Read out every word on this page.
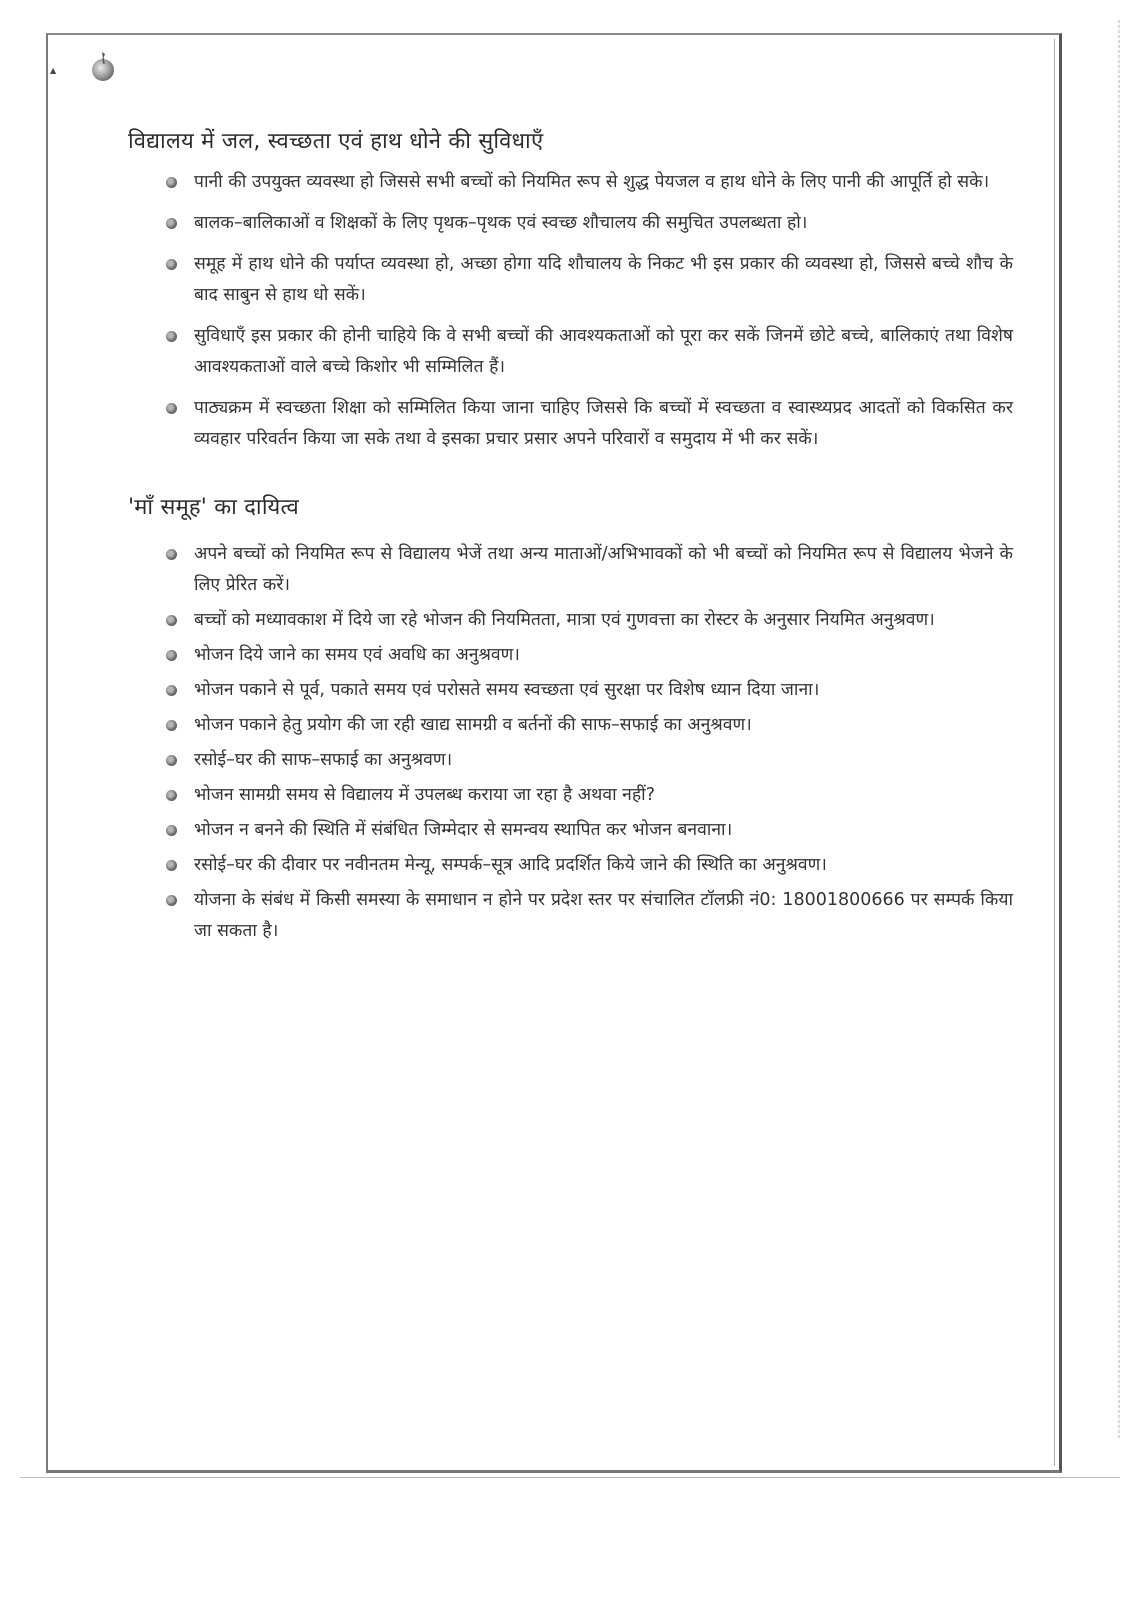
▲
विद्यालय में जल, स्वच्छता एवं हाथ धोने की सुविधाएँ
पानी की उपयुक्त व्यवस्था हो जिससे सभी बच्चों को नियमित रूप से शुद्ध पेयजल व हाथ धोने के लिए पानी की आपूर्ति हो सके।
बालक–बालिकाओं व शिक्षकों के लिए पृथक–पृथक एवं स्वच्छ शौचालय की समुचित उपलब्धता हो।
समूह में हाथ धोने की पर्याप्त व्यवस्था हो, अच्छा होगा यदि शौचालय के निकट भी इस प्रकार की व्यवस्था हो, जिससे बच्चे शौच के बाद साबुन से हाथ धो सकें।
सुविधाएँ इस प्रकार की होनी चाहिये कि वे सभी बच्चों की आवश्यकताओं को पूरा कर सकें जिनमें छोटे बच्चे, बालिकाएं तथा विशेष आवश्यकताओं वाले बच्चे किशोर भी सम्मिलित हैं।
पाठ्यक्रम में स्वच्छता शिक्षा को सम्मिलित किया जाना चाहिए जिससे कि बच्चों में स्वच्छता व स्वास्थ्यप्रद आदतों को विकसित कर व्यवहार परिवर्तन किया जा सके तथा वे इसका प्रचार प्रसार अपने परिवारों व समुदाय में भी कर सकें।
'माँ समूह' का दायित्व
अपने बच्चों को नियमित रूप से विद्यालय भेजें तथा अन्य माताओं/अभिभावकों को भी बच्चों को नियमित रूप से विद्यालय भेजने के लिए प्रेरित करें।
बच्चों को मध्यावकाश में दिये जा रहे भोजन की नियमितता, मात्रा एवं गुणवत्ता का रोस्टर के अनुसार नियमित अनुश्रवण।
भोजन दिये जाने का समय एवं अवधि का अनुश्रवण।
भोजन पकाने से पूर्व, पकाते समय एवं परोसते समय स्वच्छता एवं सुरक्षा पर विशेष ध्यान दिया जाना।
भोजन पकाने हेतु प्रयोग की जा रही खाद्य सामग्री व बर्तनों की साफ–सफाई का अनुश्रवण।
रसोई–घर की साफ–सफाई का अनुश्रवण।
भोजन सामग्री समय से विद्यालय में उपलब्ध कराया जा रहा है अथवा नहीं?
भोजन न बनने की स्थिति में संबंधित जिम्मेदार से समन्वय स्थापित कर भोजन बनवाना।
रसोई–घर की दीवार पर नवीनतम मेन्यू, सम्पर्क–सूत्र आदि प्रदर्शित किये जाने की स्थिति का अनुश्रवण।
योजना के संबंध में किसी समस्या के समाधान न होने पर प्रदेश स्तर पर संचालित टॉलफ्री नं0: 18001800666 पर सम्पर्क किया जा सकता है।
